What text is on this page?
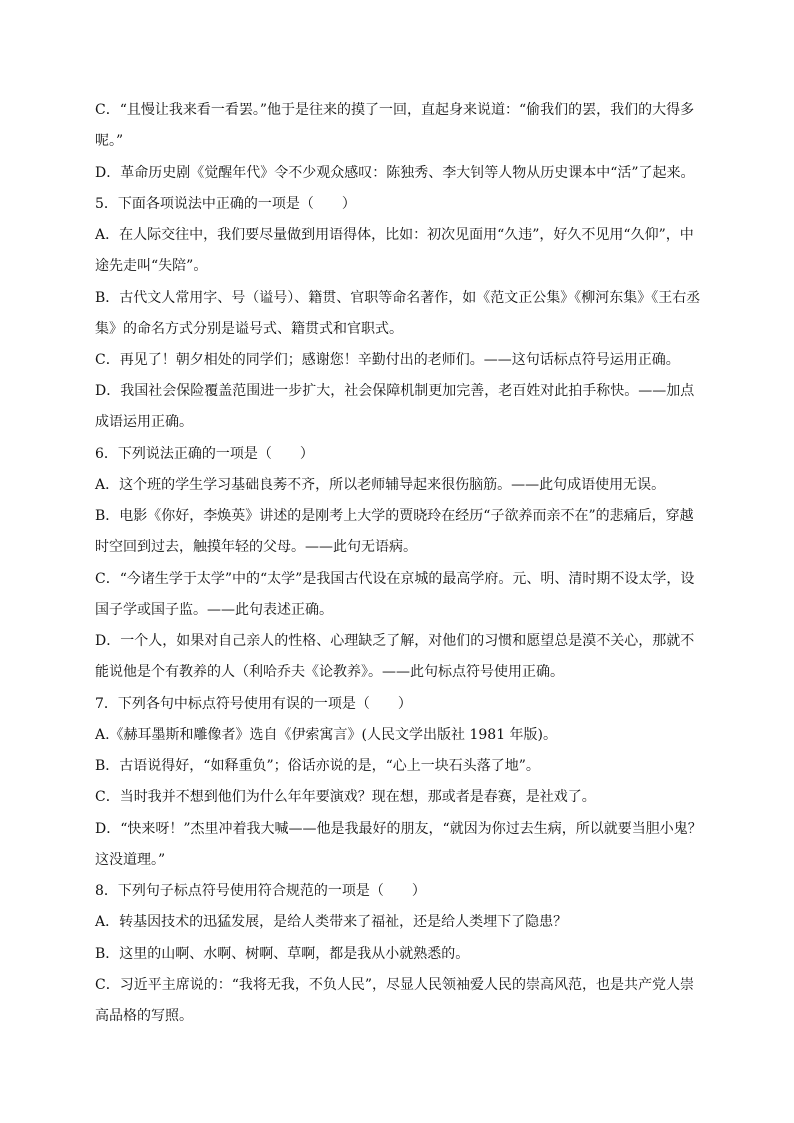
C．“且慢让我来看一看罢。”他于是往来的摸了一回，直起身来说道：“偷我们的罢，我们的大得多
呢。”
D．革命历史剧《觉醒年代》令不少观众感叹：陈独秀、李大钊等人物从历史课本中“活”了起来。
5．下面各项说法中正确的一项是（　　）
A．在人际交往中，我们要尽量做到用语得体，比如：初次见面用“久违”，好久不见用“久仰”，中
途先走叫“失陪”。
B．古代文人常用字、号（谥号）、籍贯、官职等命名著作，如《范文正公集》《柳河东集》《王右丞
集》的命名方式分别是谥号式、籍贯式和官职式。
C．再见了！朝夕相处的同学们；感谢您！辛勤付出的老师们。——这句话标点符号运用正确。
D．我国社会保险覆盖范围进一步扩大，社会保障机制更加完善，老百姓对此拍手称快。——加点
成语运用正确。
6．下列说法正确的一项是（　　）
A．这个班的学生学习基础良莠不齐，所以老师辅导起来很伤脑筋。——此句成语使用无误。
B．电影《你好，李焕英》讲述的是刚考上大学的贾晓玲在经历“子欲养而亲不在”的悲痛后，穿越
时空回到过去，触摸年轻的父母。——此句无语病。
C．“今诸生学于太学”中的“太学”是我国古代设在京城的最高学府。元、明、清时期不设太学，设
国子学或国子监。——此句表述正确。
D．一个人，如果对自己亲人的性格、心理缺乏了解，对他们的习惯和愿望总是漠不关心，那就不
能说他是个有教养的人（利哈乔夫《论教养》。——此句标点符号使用正确。
7．下列各句中标点符号使用有误的一项是（　　）
A.《赫耳墨斯和雕像者》选自《伊索寓言》(人民文学出版社 1981 年版)。
B．古语说得好，“如释重负”；俗话亦说的是，“心上一块石头落了地”。
C．当时我并不想到他们为什么年年要演戏？现在想，那或者是春赛，是社戏了。
D．“快来呀！”杰里冲着我大喊——他是我最好的朋友，“就因为你过去生病，所以就要当胆小鬼？
这没道理。”
8．下列句子标点符号使用符合规范的一项是（　　）
A．转基因技术的迅猛发展，是给人类带来了福祉，还是给人类埋下了隐患？
B．这里的山啊、水啊、树啊、草啊，都是我从小就熟悉的。
C．习近平主席说的：“我将无我，不负人民”，尽显人民领袖爱人民的崇高风范，也是共产党人崇
高品格的写照。
